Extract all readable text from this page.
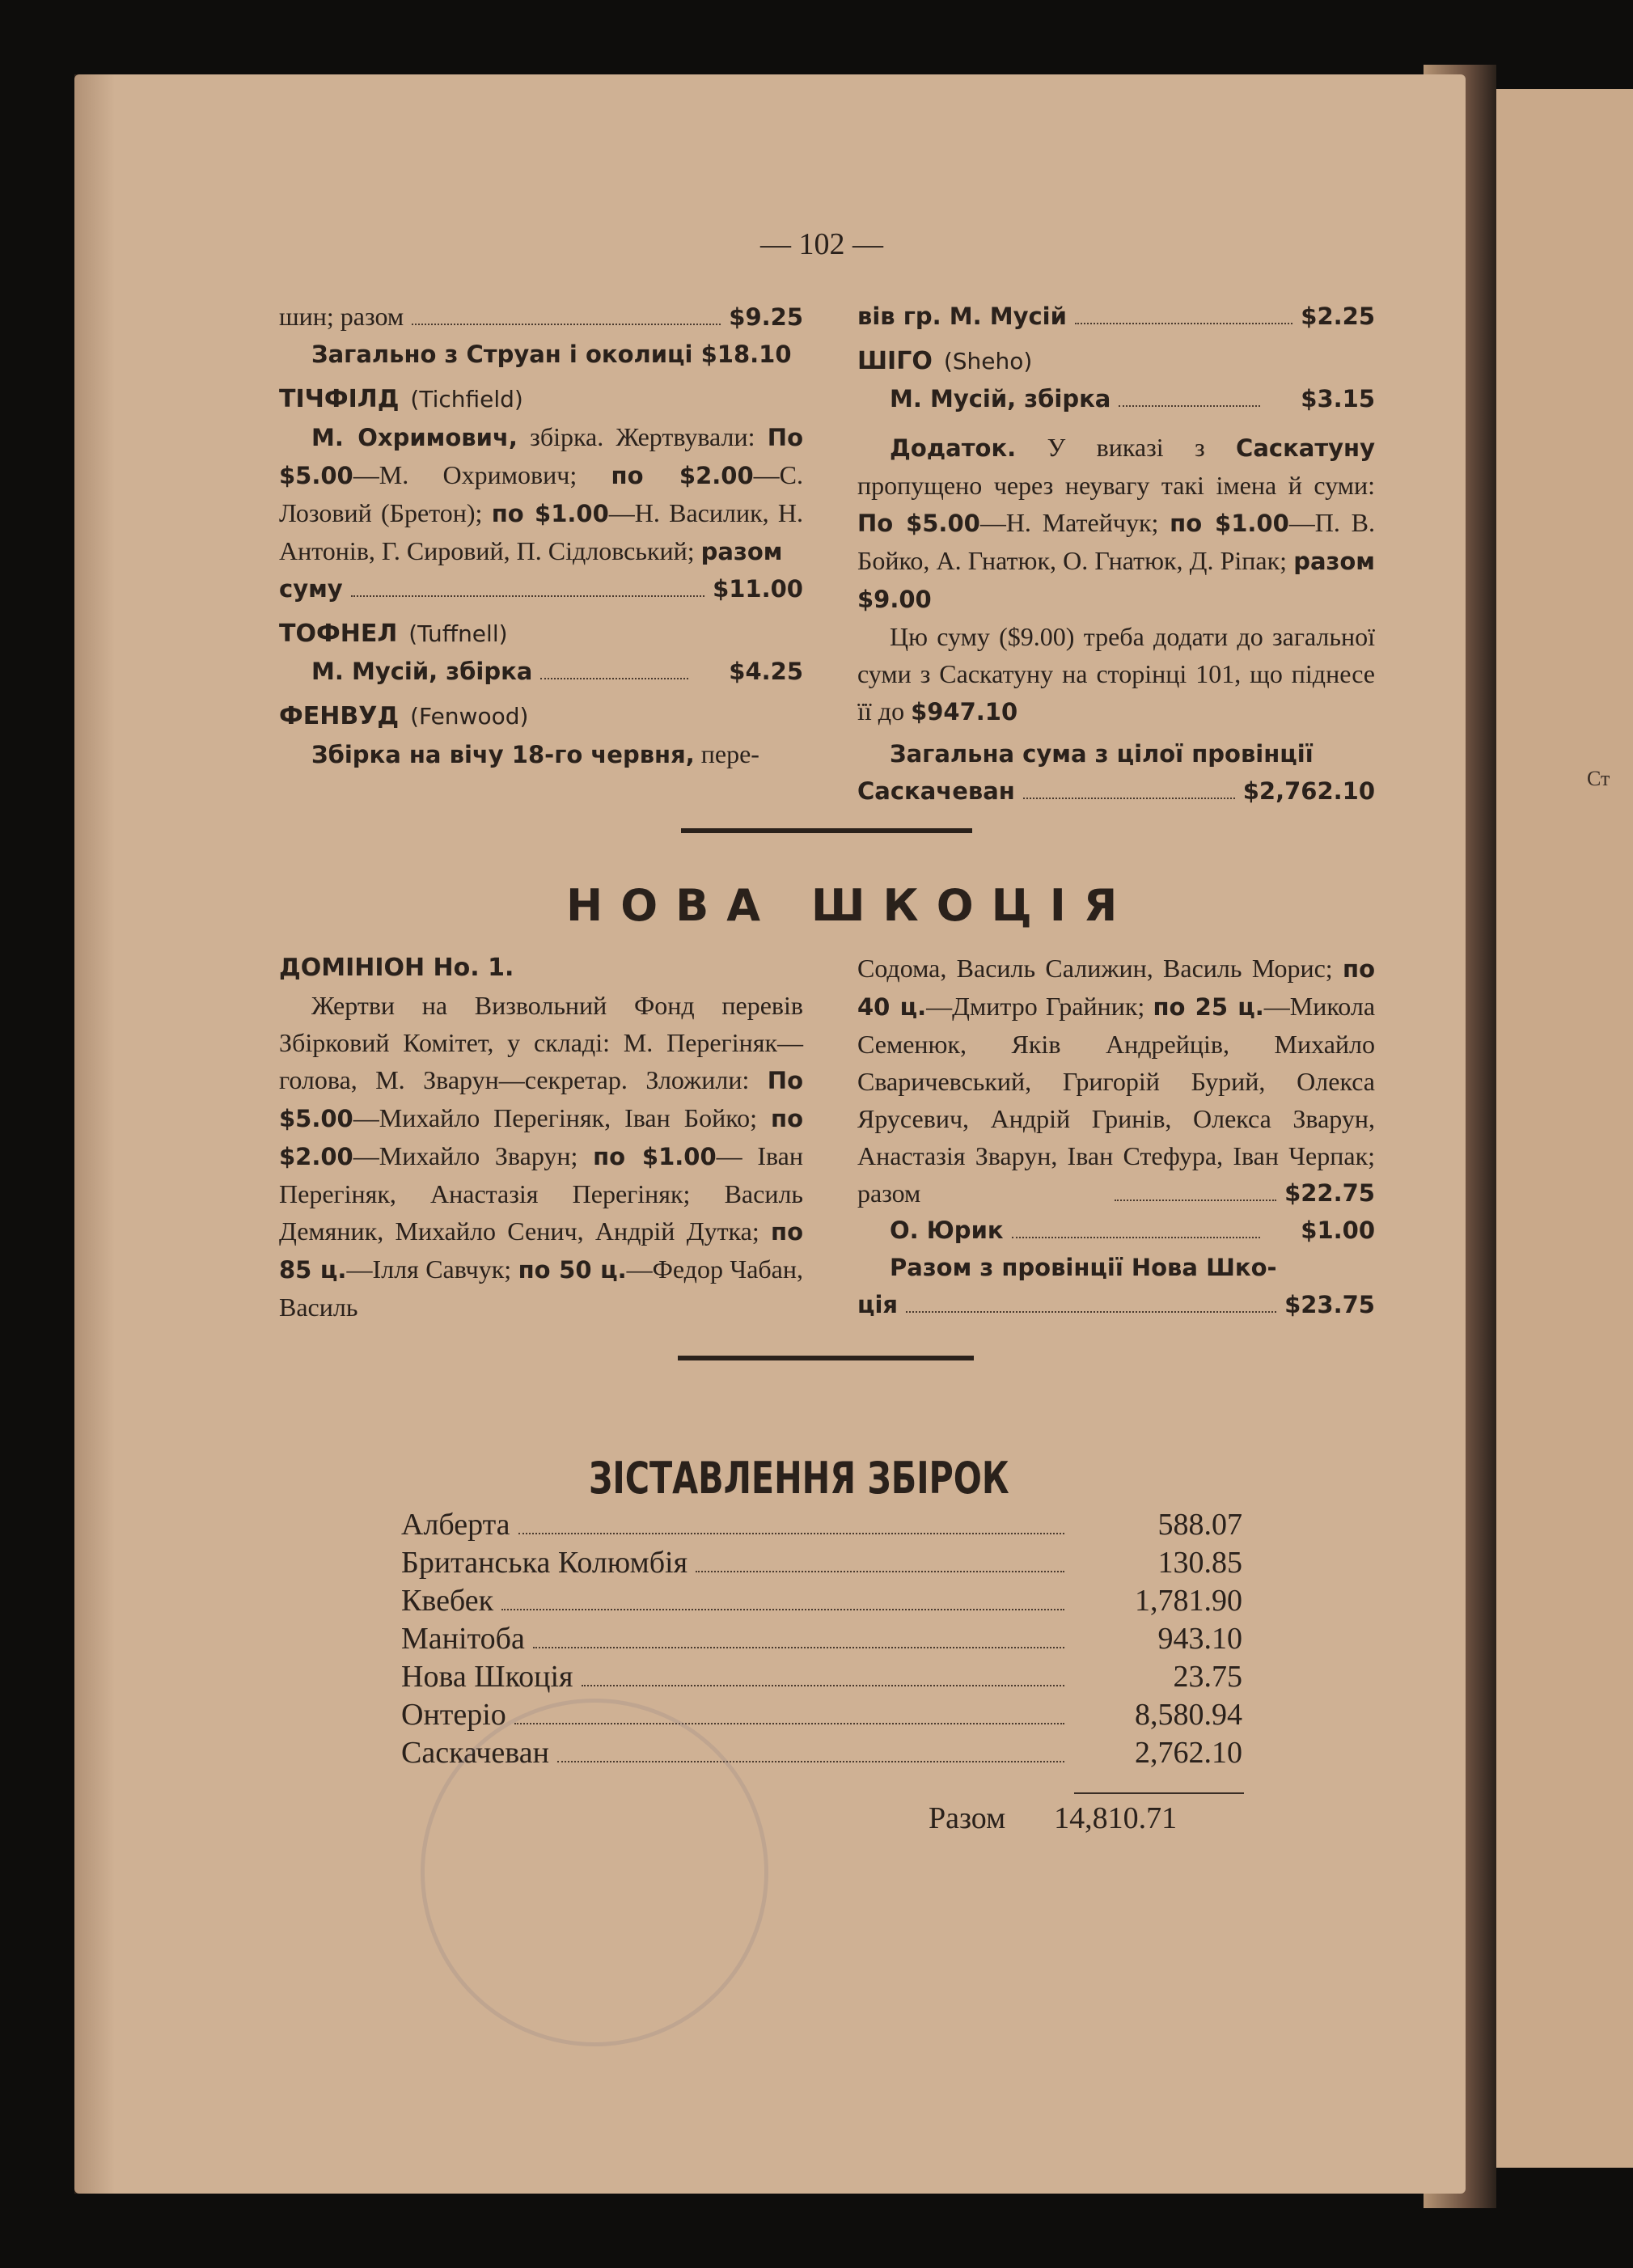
Ст
— 102 —

шин; разом	$9.25

Загально з Струан і околиці $18.10

ТІЧФІЛД (Tichfield)

М. Охримович, збірка. Жертвували: По $5.00—М. Охримович; по $2.00—С. Лозовий (Бретон); по $1.00—Н. Василик, Н. Антонів, Г. Сировий, П. Сідловський; разом

суму	$11.00

ТОФНЕЛ (Tuffnell)

М. Мусій, збірка	$4.25

ФЕНВУД (Fenwood)

Збірка на вічу 18-го червня, пере-

вів гр. М. Мусій	$2.25

ШІГО (Sheho)

М. Мусій, збірка	$3.15

Додаток. У виказі з Саскатуну пропущено через неувагу такі імена й суми: По $5.00—Н. Матейчук; по $1.00—П. В. Бойко, А. Гнатюк, О. Гнатюк, Д. Ріпак; разом $9.00

Цю суму ($9.00) треба додати до загальної суми з Саскатуну на сторінці 101, що піднесе її до $947.10

Загальна сума з цілої провінції

Саскачеван	$2,762.10

НОВА ШКОЦІЯ

ДОМІНІОН Но. 1.

Жертви на Визвольний Фонд перевів Збірковий Комітет, у складі: М. Перегіняк—голова, М. Зварун—секретар. Зложили: По $5.00—Михайло Перегіняк, Іван Бойко; по $2.00—Михайло Зварун; по $1.00— Іван Перегіняк, Анастазія Перегіняк; Василь Демяник, Михайло Сенич, Андрій Дутка; по 85 ц.—Ілля Савчук; по 50 ц.—Федор Чабан, Василь

Содома, Василь Салижин, Василь Морис; по 40 ц.—Дмитро Грайник; по 25 ц.—Микола Семенюк, Яків Андрейців, Михайло Сваричевський, Григорій Бурий, Олекса Ярусевич, Андрій Гринів, Олекса Зварун, Анастазія Зварун, Іван Стефура, Іван Черпак; разом	$22.75

О. Юрик	$1.00

Разом з провінції Нова Шко-

ція	$23.75

ЗІСТАВЛЕННЯ ЗБІРОК
Алберта	588.07
Британська Колюмбія	130.85
Квебек	1,781.90
Манітоба	943.10
Нова Шкоція	23.75
Онтеріо	8,580.94
Саскачеван	2,762.10
Разом 14,810.71
